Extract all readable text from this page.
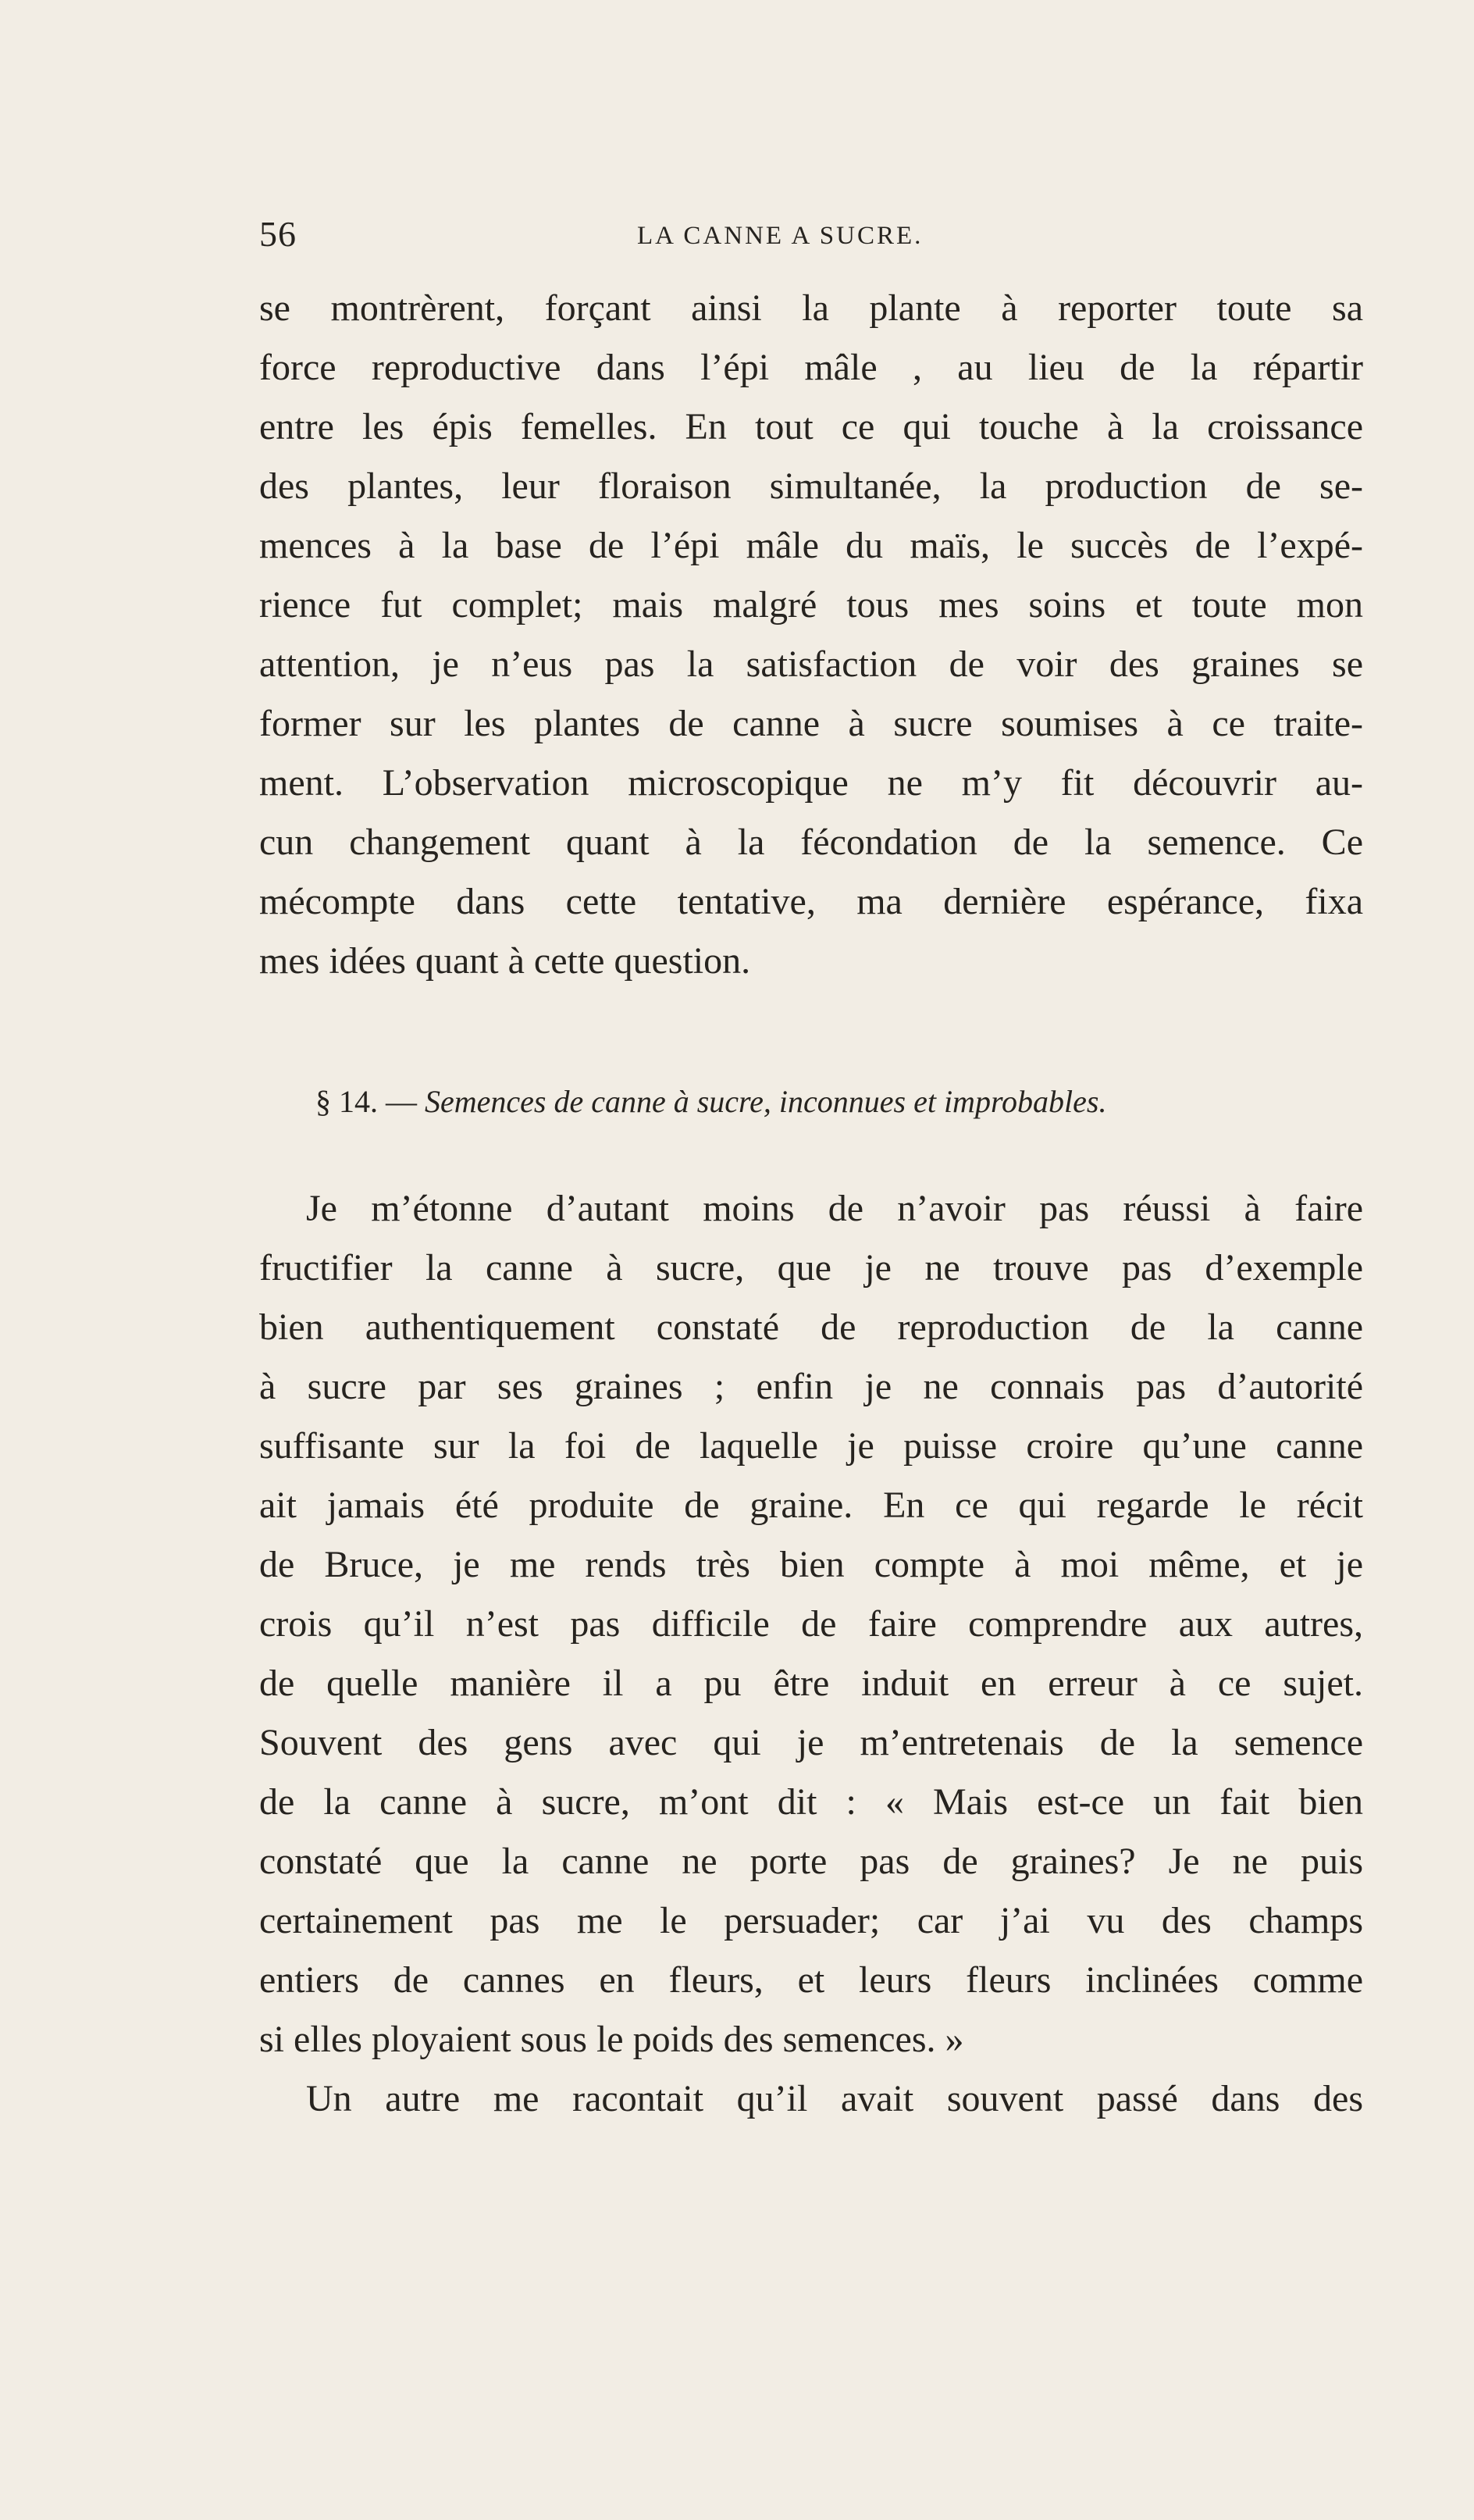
56	LA CANNE A SUCRE.
se montrèrent, forçant ainsi la plante à reporter toute sa
force reproductive dans l’épi mâle , au lieu de la répartir
entre les épis femelles. En tout ce qui touche à la croissance
des plantes, leur floraison simultanée, la production de se-
mences à la base de l’épi mâle du maïs, le succès de l’expé-
rience fut complet; mais malgré tous mes soins et toute mon
attention, je n’eus pas la satisfaction de voir des graines se
former sur les plantes de canne à sucre soumises à ce traite-
ment. L’observation microscopique ne m’y fit découvrir au-
cun changement quant à la fécondation de la semence. Ce
mécompte dans cette tentative, ma dernière espérance, fixa
mes idées quant à cette question.
§ 14. — Semences de canne à sucre, inconnues et improbables.
Je m’étonne d’autant moins de n’avoir pas réussi à faire
fructifier la canne à sucre, que je ne trouve pas d’exemple
bien authentiquement constaté de reproduction de la canne
à sucre par ses graines ; enfin je ne connais pas d’autorité
suffisante sur la foi de laquelle je puisse croire qu’une canne
ait jamais été produite de graine. En ce qui regarde le récit
de Bruce, je me rends très bien compte à moi même, et je
crois qu’il n’est pas difficile de faire comprendre aux autres,
de quelle manière il a pu être induit en erreur à ce sujet.
Souvent des gens avec qui je m’entretenais de la semence
de la canne à sucre, m’ont dit : « Mais est-ce un fait bien
constaté que la canne ne porte pas de graines? Je ne puis
certainement pas me le persuader; car j’ai vu des champs
entiers de cannes en fleurs, et leurs fleurs inclinées comme
si elles ployaient sous le poids des semences. »
Un autre me racontait qu’il avait souvent passé dans des
